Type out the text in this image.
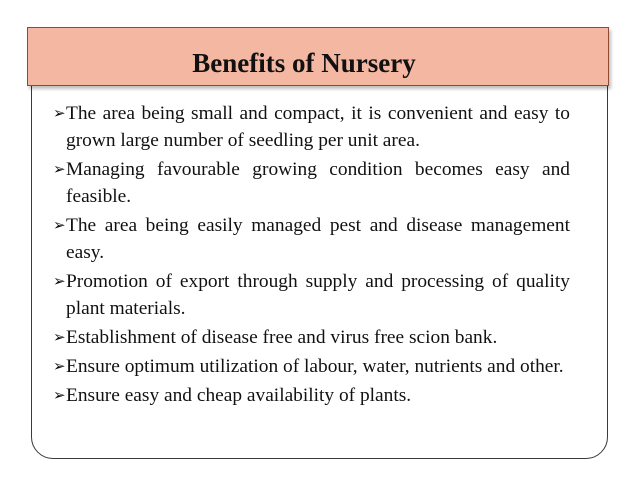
Benefits of Nursery
➢ The area being small and compact, it is convenient and easy to grown large number of seedling per unit area.
➢ Managing favourable growing condition becomes easy and feasible.
➢ The area being easily managed pest and disease management easy.
➢ Promotion of export through supply and processing of quality plant materials.
➢ Establishment of disease free and virus free scion bank.
➢ Ensure optimum utilization of labour, water, nutrients and other.
➢ Ensure easy and cheap availability of plants.
